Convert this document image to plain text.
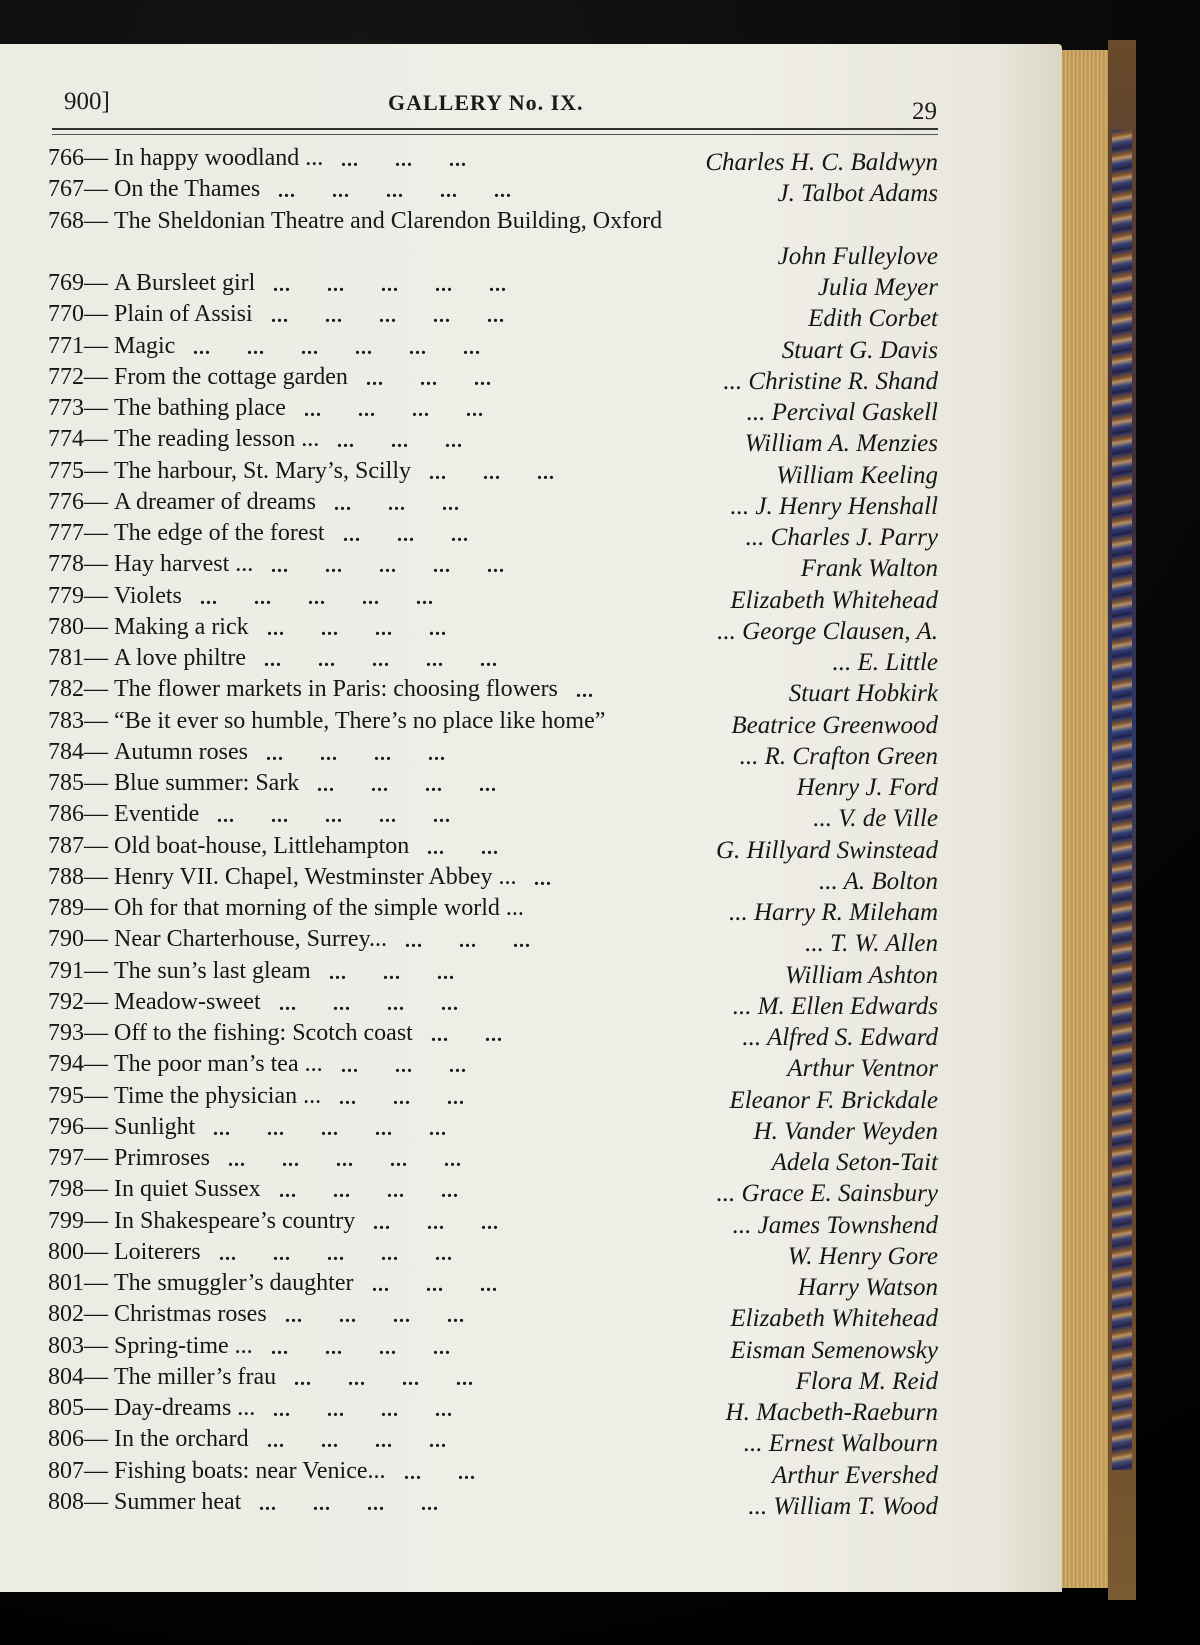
900]	GALLERY No. IX.	29
766— In happy woodland ... ...      ...      ...	Charles H. C. Baldwyn
767— On the Thames ...      ...      ...      ...      ...	J. Talbot Adams
768— The Sheldonian Theatre and Clarendon Building, Oxford
John Fulleylove
769— A Bursleet girl ...      ...      ...      ...      ...	Julia Meyer
770— Plain of Assisi ...      ...      ...      ...      ...	Edith Corbet
771— Magic ...      ...      ...      ...      ...      ...	Stuart G. Davis
772— From the cottage garden ...      ...      ...	... Christine R. Shand
773— The bathing place ...      ...      ...      ...	... Percival Gaskell
774— The reading lesson ... ...      ...      ...	William A. Menzies
775— The harbour, St. Mary’s, Scilly ...      ...      ...	William Keeling
776— A dreamer of dreams ...      ...      ...	... J. Henry Henshall
777— The edge of the forest ...      ...      ...	... Charles J. Parry
778— Hay harvest ... ...      ...      ...      ...      ...	Frank Walton
779— Violets ...      ...      ...      ...      ...	Elizabeth Whitehead
780— Making a rick ...      ...      ...      ...	... George Clausen, A.
781— A love philtre ...      ...      ...      ...      ...	... E. Little
782— The flower markets in Paris: choosing flowers ...	Stuart Hobkirk
783— “Be it ever so humble, There’s no place like home”	Beatrice Greenwood
784— Autumn roses ...      ...      ...      ...	... R. Crafton Green
785— Blue summer: Sark ...      ...      ...      ...	Henry J. Ford
786— Eventide ...      ...      ...      ...      ...	... V. de Ville
787— Old boat-house, Littlehampton ...      ...	G. Hillyard Swinstead
788— Henry VII. Chapel, Westminster Abbey ... ...	... A. Bolton
789— Oh for that morning of the simple world ...	... Harry R. Mileham
790— Near Charterhouse, Surrey... ...      ...      ...	... T. W. Allen
791— The sun’s last gleam ...      ...      ...	William Ashton
792— Meadow-sweet ...      ...      ...      ...	... M. Ellen Edwards
793— Off to the fishing: Scotch coast ...      ...	... Alfred S. Edward
794— The poor man’s tea ... ...      ...      ...	Arthur Ventnor
795— Time the physician ... ...      ...      ...	Eleanor F. Brickdale
796— Sunlight ...      ...      ...      ...      ...	H. Vander Weyden
797— Primroses ...      ...      ...      ...      ...	Adela Seton-Tait
798— In quiet Sussex ...      ...      ...      ...	... Grace E. Sainsbury
799— In Shakespeare’s country ...      ...      ...	... James Townshend
800— Loiterers ...      ...      ...      ...      ...	W. Henry Gore
801— The smuggler’s daughter ...      ...      ...	Harry Watson
802— Christmas roses ...      ...      ...      ...	Elizabeth Whitehead
803— Spring-time ... ...      ...      ...      ...	Eisman Semenowsky
804— The miller’s frau ...      ...      ...      ...	Flora M. Reid
805— Day-dreams ... ...      ...      ...      ...	H. Macbeth-Raeburn
806— In the orchard ...      ...      ...      ...	... Ernest Walbourn
807— Fishing boats: near Venice... ...      ...	Arthur Evershed
808— Summer heat ...      ...      ...      ...	... William T. Wood
